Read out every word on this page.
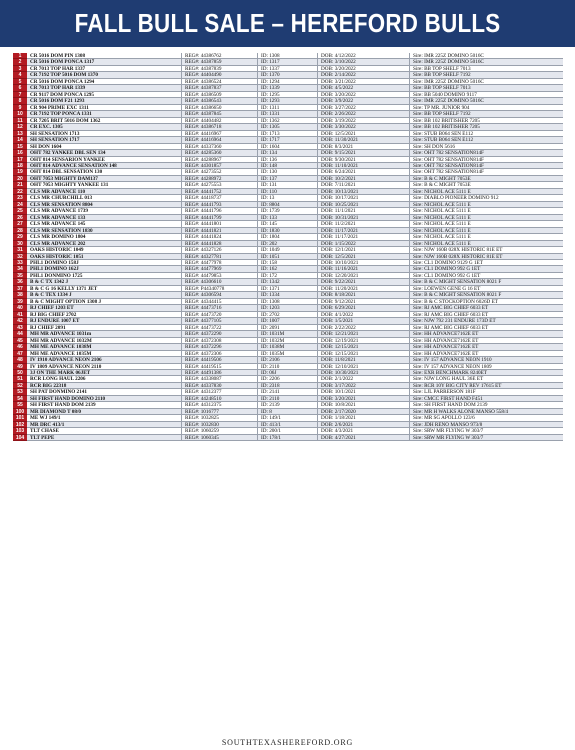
FALL BULL SALE – HEREFORD BULLS
1	CR 5016 DOM PIN 1308	REG#: 44386762	ID: 1308	DOB: 4/12/2022	Sire: IMR 225Z DOMINO 5016C
2	CR 5016 DOM PONCA 1317	REG#: 44387859	ID: 1317	DOB: 3/10/2022	Sire: IMR 225Z DOMINO 5016C
3	CR 7013 TOP HAR 1337	REG#: 44387839	ID: 1337	DOB: 3/20/2022	Sire: BB TOP SHELF 7013
4	CR 7192 TOP 5016 DOM 1370	REG#: 44404490	ID: 1370	DOB: 2/14/2022	Sire: BB TOP SHELF 7192
5	CR 5016 DOM PONCA 1294	REG#: 44386524	ID: 1294	DOB: 3/21/2022	Sire: IMR 225Z DOMINO 5016C
6	CR 7013 TOP HAR 1339	REG#: 44387837	ID: 1339	DOB: 4/5/2022	Sire: BB TOP SHELF 7013
7	CR 9117 DOM PONCA 1295	REG#: 44386509	ID: 1295	DOB: 3/20/2022	Sire: BB 5040 DOMINO 9117
8	CR 5016 DOM F21 1293	REG#: 44386543	ID: 1293	DOB: 3/9/2022	Sire: IMR 225Z DOMINO 5016C
9	CR 904 PRIME EXC 1311	REG#: 44386650	ID: 1311	DOB: 3/27/2022	Sire: TP MR. JUNIOR 904
10	CR 7192 TOP PONCA 1331	REG#: 44387845	ID: 1331	DOB: 2/26/2022	Sire: BB TOP SHELF 7192
11	CR 7205 BRIT 5016 DOM 1362	REG#: 44404482	ID: 1362	DOB: 3/19/2022	Sire: BB 102 BRITISHER 7205
12	CR EXC. 1305	REG#: 44386718	ID: 1305	DOB: 3/30/2022	Sire: BB 102 BRITISHER 7205
13	SH SENSATION 1713	REG#: 44416967	ID: 1713	DOB: 12/5/2021	Sire: STUB B064 SEN E112
14	SH SENSATION 1717	REG#: 44416964	ID: 1717	DOB: 11/30/2021	Sire: STUB B064 SEN E112
15	SH DON 1604	REG#: 44337360	ID: 1604	DOB: 8/3/2021	Sire: SH DON 5616
16	OHT 782 YANKEE DBL SEN 134	REG#: 44285360	ID: 134	DOB: 9/15/2021	Sire: OHT 782 SENSATION814F
17	OHT 814 SENSARION YANKEE	REG#: 44288967	ID: 136	DOB: 9/30/2021	Sire: OHT 782 SENSATION814F
18	OHT 814 ADVANCE SENSATION 148	REG#: 44301857	ID: 148	DOB: 11/10/2021	Sire: OHT 782 SENSATION814F
19	OHT 814 DBL SENSATION 130	REG#: 44273552	ID: 130	DOB: 6/24/2021	Sire: OHT 782 SENSATION814F
20	OHT 7053 MIGHTY DAM137	REG#: 44288972	ID: 137	DOB: 10/2/2021	Sire: B & C MIGHT 7053E
21	OHT 7053 MIGHTY YANKEE 131	REG#: 44275553	ID: 131	DOB: 7/11/2021	Sire: B & C MIGHT 7053E
22	CLS MR ADVANCE 110	REG#: 44441752	ID: 110	DOB: 10/13/2021	Sire: NICHOL ACE 5111 E
23	CLS MR CHURCHILL 013	REG#: 44418737	ID: 13	DOB: 10/17/2021	Sire: DIABLO PIONEER DOMINO 912
24	CLS MR SENSATION 8804	REG#: 44441793	ID: 8804	DOB: 10/25/2021	Sire: NICHOL ACE 5111 E
25	CLS MR ADVANCE 1739	REG#: 44441796	ID: 1739	DOB: 11/1/2021	Sire: NICHOL ACE 5111 E
26	CLS MR ADVANCE 133	REG#: 44441799	ID: 133	DOB: 10/31/2021	Sire: NICHOL ACE 5111 E
27	CLS MR ADVANCE 145	REG#: 44441801	ID: 145	DOB: 11/2/2021	Sire: NICHOL ACE 5111 E
28	CLS MR SENSATION 1830	REG#: 44441821	ID: 1830	DOB: 11/17/2021	Sire: NICHOL ACE 5111 E
29	CLS MR DOMINO 1804	REG#: 44441824	ID: 1804	DOB: 11/17/2021	Sire: NICHOL ACE 5111 E
30	CLS MR ADVANCE 202	REG#: 44441828	ID: 202	DOB: 1/15/2022	Sire: NICHOL ACE 5111 E
31	OAKS HISTORIC 1049	REG#: 44327126	ID: 1049	DOB: 12/1/2021	Sire: NJW 160B 028X HISTORIC 81E ET
32	OAKS HISTORIC 1051	REG#: 44327781	ID: 1051	DOB: 12/5/2021	Sire: NJW 160B 028X HISTORIC 81E ET
33	PHL1 DOMINO 158J	REG#: 44477978	ID: 158	DOB: 10/10/2021	Sire: CL1 DOMINO 9129 G 1ET
34	PHL1 DOMINO 162J	REG#: 44477969	ID: 162	DOB: 11/16/2021	Sire: CL1 DOMINO 992 G 1ET
35	PHL1 DONMINO 1725	REG#: 44479853	ID: 172	DOB: 12/20/2021	Sire: CL1 DOMINO 992 G 1ET
36	B & C TX 1342 J	REG#: 44306610	ID: 1342	DOB: 9/22/2021	Sire: B & C MIGHT SENSATION 8021 F
37	B & C G 16 KELLY 1371 JET	REG#: P44340778	ID: 1371	DOB: 11/20/2021	Sire: LOEWEN GENE G 16 ET
38	B & C TEX 1334 J	REG#: 44306594	ID: 1334	DOB: 8/18/2021	Sire: B & C MIGHT SENSATION 8021 F
39	B & C MIGHT OPTION 1308 J	REG#: 44344415	ID: 1308	DOB: 9/12/2021	Sire: B & C STOCKOPTION 6026D ET
40	RJ CHIEF 1203 ET	REG#: 44473716	ID: 1203	DOB: 6/29/2021	Sire: RJ AMC BIG CHIEF 6033 ET
41	RJ BIG CHIEF 2702	REG#: 44473720	ID: 2702	DOB: 4/1/2022	Sire: RJ AMC BIG CHIEF 6033 ET
42	RJ ENDURE 1007 ET	REG#: 44377105	ID: 1007	DOB: 1/5/2021	Sire: NJW 792 231 ENDURE 173D ET
43	RJ CHIEF 2091	REG#: 44473722	ID: 2091	DOB: 2/22/2022	Sire: RJ AMC BIG CHIEF 6033 ET
44	MH MR ADVANCE 1031m	REG#: 44372290	ID: 1031M	DOB: 12/21/2021	Sire: HH ADVANCE7162E ET
45	MH MR ADVANCE 1032M	REG#: 44372308	ID: 1032M	DOB: 12/19/2021	Sire: HH ADVANCE7162E ET
46	MH ME ADVANCE 1038M	REG#: 44372296	ID: 1038M	DOB: 12/15/2021	Sire: HH ADVANCE7162E ET
47	MH ME ADVANCE 1035M	REG#: 44372306	ID: 1035M	DOB: 12/15/2021	Sire: HH ADVANCE7162E ET
48	IV 1910 ADVANCE NEON 2106	REG#: 44419506	ID: 2106	DOB: 11/8/2021	Sire: IV 157 ADVANCE NEON 1910
49	IV 1809 ADVANCE NEON 2110	REG#: 44419515	ID: 2110	DOB: 12/10/2021	Sire: IV 157 ADVANCE NEON 1809
50	3J ON THE MARK 06JET	REG#: 44491386	ID: 06J	DOB: 10/30/2021	Sire: EXR BENCHMARK 8240ET
51	RCR LONG HAUL 2206	REG#: 44338087	ID: 2206	DOB: 2/1/2022	Sire: NJW LONG HAUL 36E ET
52	RCR BIG 22318	REG#: 44337830	ID: 2318	DOB: 3/17/2022	Sire: RCR 10Y BIG CITY REV 17615 ET
53	SH PAT DONMINO 2141	REG#: 44312377	ID: 2141	DOB: 10/1/2021	Sire: LJL PARRERSON 181F
54	SH FIRST HAND DOMINO 2110	REG#: 44248510	ID: 2110	DOB: 3/20/2021	Sire: CMCC FIRST HAND F451
55	SH FIRST HAND DOM 2139	REG#: 44312375	ID: 2139	DOB: 10/8/2021	Sire: SH FIRST HAND DOM 2139
100	MR DIAMOND T 08/0	REG#: 1016777	ID: 8	DOB: 2/17/2020	Sire: MR H WALKS ALONE MANSO 558/4
101	ME WJ 149/1	REG#: 1032825	ID: 149/1	DOB: 1/18/2021	Sire: MR SG APOLLO 123/6
102	MR DRC 413/1	REG#: 1032830	ID: 413/1	DOB: 2/6/2021	Sire: JDH RENO MANSO 973/8
103	TLT CHASE	REG#: 1060259	ID: 200/1	DOB: 4/3/2021	Sire: SRW MR FLYING W 303/7
104	TLT PEPE	REG#: 1060345	ID: 178/1	DOB: 4/27/2021	Sire: SRW MR FLYING W 303/7
SOUTHTEXASHEREFORD.ORG
